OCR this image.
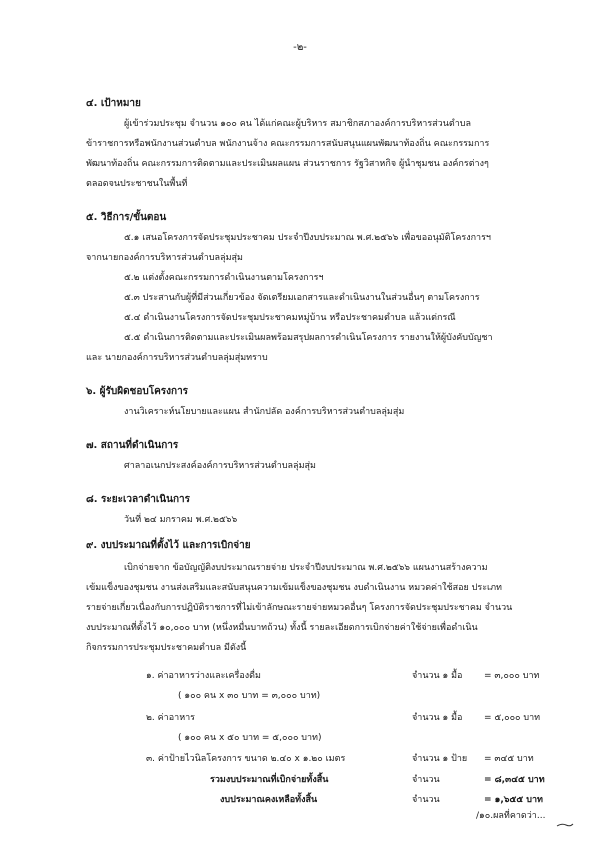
-๒-
๔. เป้าหมาย
ผู้เข้าร่วมประชุม จำนวน ๑๐๐ คน ได้แก่คณะผู้บริหาร สมาชิกสภาองค์การบริหารส่วนตำบล
ข้าราชการหรือพนักงานส่วนตำบล พนักงานจ้าง คณะกรรมการสนับสนุนแผนพัฒนาท้องถิ่น คณะกรรมการ
พัฒนาท้องถิ่น คณะกรรมการติดตามและประเมินผลแผน ส่วนราชการ รัฐวิสาหกิจ ผู้นำชุมชน องค์กรต่างๆ
ตลอดจนประชาชนในพื้นที่
๕. วิธีการ/ขั้นตอน
๕.๑ เสนอโครงการจัดประชุมประชาคม ประจำปีงบประมาณ พ.ศ.๒๕๖๖ เพื่อขออนุมัติโครงการฯ
จากนายกองค์การบริหารส่วนตำบลลุ่มสุ่ม
๕.๒ แต่งตั้งคณะกรรมการดำเนินงานตามโครงการฯ
๕.๓ ประสานกับผู้ที่มีส่วนเกี่ยวข้อง จัดเตรียมเอกสารและดำเนินงานในส่วนอื่นๆ ตามโครงการ
๕.๔ ดำเนินงานโครงการจัดประชุมประชาคมหมู่บ้าน หรือประชาคมตำบล แล้วแต่กรณี
๕.๕ ดำเนินการติดตามและประเมินผลพร้อมสรุปผลการดำเนินโครงการ รายงานให้ผู้บังคับบัญชา
และ นายกองค์การบริหารส่วนตำบลลุ่มสุ่มทราบ
๖. ผู้รับผิดชอบโครงการ
งานวิเคราะห์นโยบายและแผน สำนักปลัด องค์การบริหารส่วนตำบลลุ่มสุ่ม
๗. สถานที่ดำเนินการ
ศาลาอเนกประสงค์องค์การบริหารส่วนตำบลลุ่มสุ่ม
๘. ระยะเวลาดำเนินการ
วันที่ ๒๔ มกราคม พ.ศ.๒๕๖๖
๙. งบประมาณที่ตั้งไว้ และการเบิกจ่าย
เบิกจ่ายจาก ข้อบัญญัติงบประมาณรายจ่าย ประจำปีงบประมาณ พ.ศ.๒๕๖๖ แผนงานสร้างความ
เข้มแข็งของชุมชน งานส่งเสริมและสนับสนุนความเข้มแข็งของชุมชน งบดำเนินงาน หมวดค่าใช้สอย ประเภท
รายจ่ายเกี่ยวเนื่องกับการปฏิบัติราชการที่ไม่เข้าลักษณะรายจ่ายหมวดอื่นๆ โครงการจัดประชุมประชาคม จำนวน
งบประมาณที่ตั้งไว้ ๑๐,๐๐๐ บาท (หนึ่งหมื่นบาทถ้วน) ทั้งนี้ รายละเอียดการเบิกจ่ายค่าใช้จ่ายเพื่อดำเนิน
กิจกรรมการประชุมประชาคมตำบล มีดังนี้
๑. ค่าอาหารว่างและเครื่องดื่ม	จำนวน ๑ มื้อ = ๓,๐๐๐ บาท
( ๑๐๐ คน x ๓๐ บาท = ๓,๐๐๐ บาท)
๒. ค่าอาหาร	จำนวน ๑ มื้อ = ๕,๐๐๐ บาท
( ๑๐๐ คน x ๕๐ บาท = ๕,๐๐๐ บาท)
๓. ค่าป้ายไวนิลโครงการ ขนาด ๒.๔๐ x ๑.๒๐ เมตร	จำนวน ๑ ป้าย = ๓๔๕ บาท
รวมงบประมาณที่เบิกจ่ายทั้งสิ้น	จำนวน	= ๘,๓๔๕ บาท
งบประมาณคงเหลือทั้งสิ้น	จำนวน	= ๑,๖๕๕ บาท
/๑๐.ผลที่คาดว่า...
